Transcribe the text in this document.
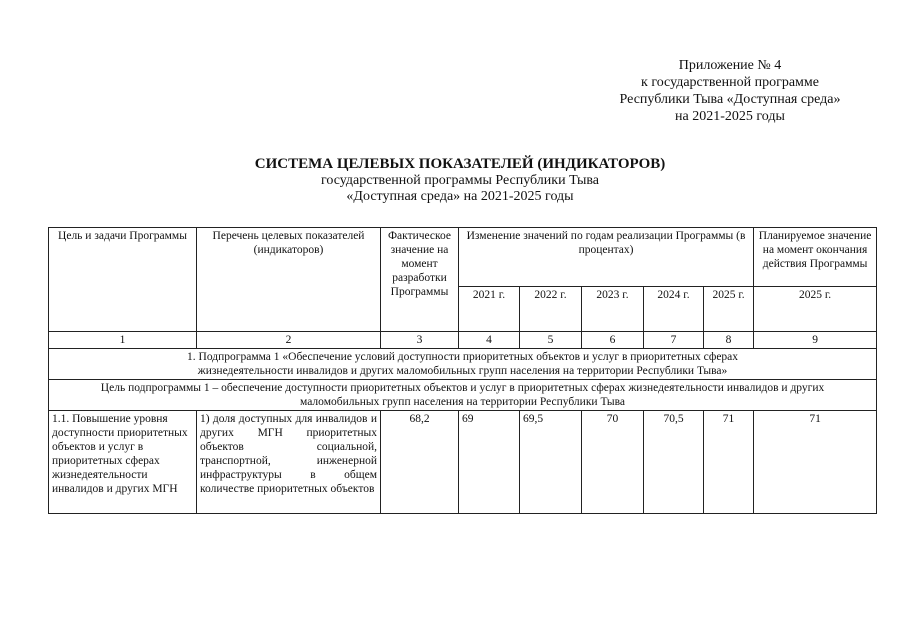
Приложение № 4
к государственной программе
Республики Тыва «Доступная среда»
на 2021-2025 годы
СИСТЕМА ЦЕЛЕВЫХ ПОКАЗАТЕЛЕЙ (ИНДИКАТОРОВ)
государственной программы Республики Тыва
«Доступная среда» на 2021-2025 годы
Цель и задачи Программы	Перечень целевых показателей (индикаторов)	Фактическое значение на момент разработки Программы	Изменение значений по годам реализации Программы (в процентах)					Планируемое значение на момент окончания действия Программы
			2021 г.	2022 г.	2023 г.	2024 г.	2025 г.	2025 г.
1	2	3	4	5	6	7	8	9
1. Подпрограмма 1 «Обеспечение условий доступности приоритетных объектов и услуг в приоритетных сферах жизнедеятельности инвалидов и других маломобильных групп населения на территории Республики Тыва»								
Цель подпрограммы 1 – обеспечение доступности приоритетных объектов и услуг в приоритетных сферах жизнедеятельности инвалидов и других маломобильных групп населения на территории Республики Тыва								
1.1. Повышение уровня доступности приоритетных объектов и услуг в приоритетных сферах жизнедеятельности инвалидов и других МГН	1) доля доступных для инвалидов и других МГН приоритетных объектов социальной, транспортной, инженерной инфраструктуры в общем количестве приоритетных объектов	68,2	69	69,5	70	70,5	71	71
